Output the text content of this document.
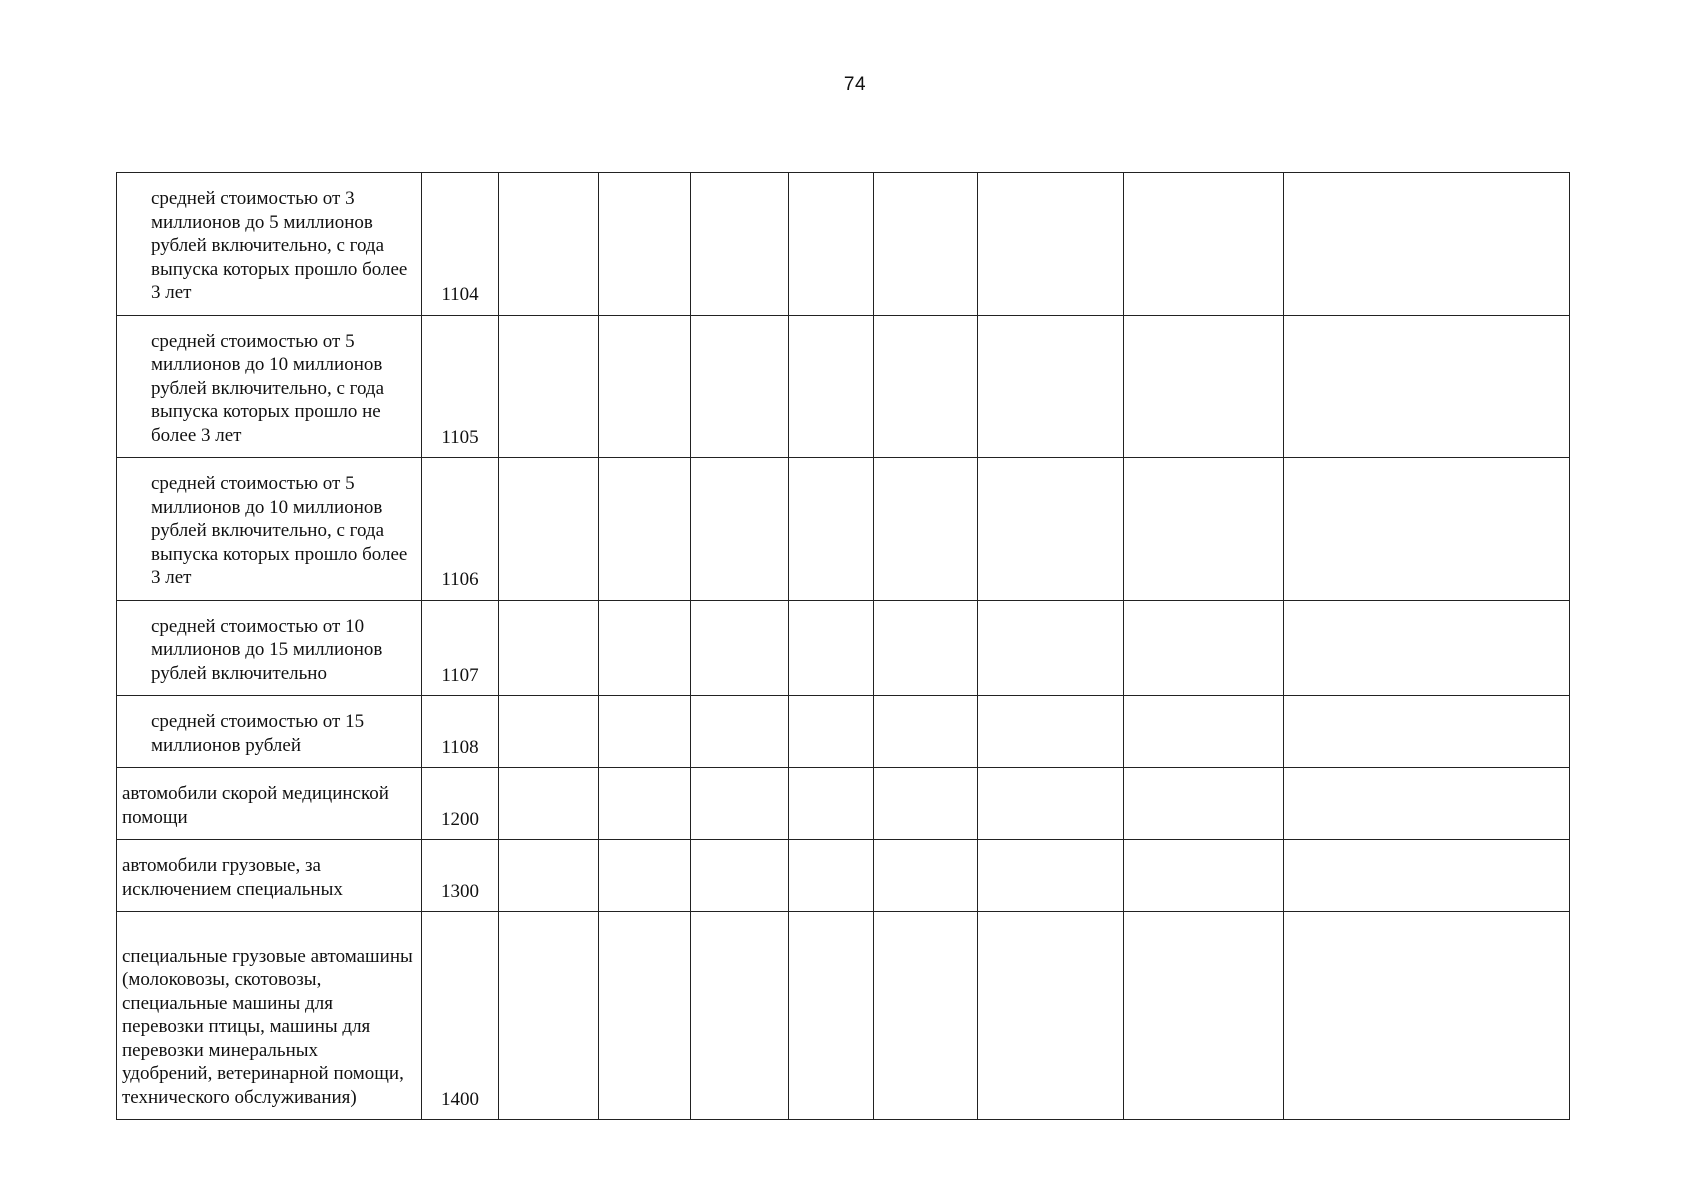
74
средней стоимостью от 3 миллионов до 5 миллионов рублей включительно, с года выпуска которых прошло более 3 лет	1104								

средней стоимостью от 5 миллионов до 10 миллионов рублей включительно, с года выпуска которых прошло не более 3 лет	1105								

средней стоимостью от 5 миллионов до 10 миллионов рублей включительно, с года выпуска которых прошло более 3 лет	1106								

средней стоимостью от 10 миллионов до 15 миллионов рублей включительно	1107								

средней стоимостью от 15 миллионов рублей	1108								

автомобили скорой медицинской помощи	1200								

автомобили грузовые, за исключением специальных	1300								

специальные грузовые автомашины (молоковозы, скотовозы, специальные машины для перевозки птицы, машины для перевозки минеральных удобрений, ветеринарной помощи, технического обслуживания)	1400								
